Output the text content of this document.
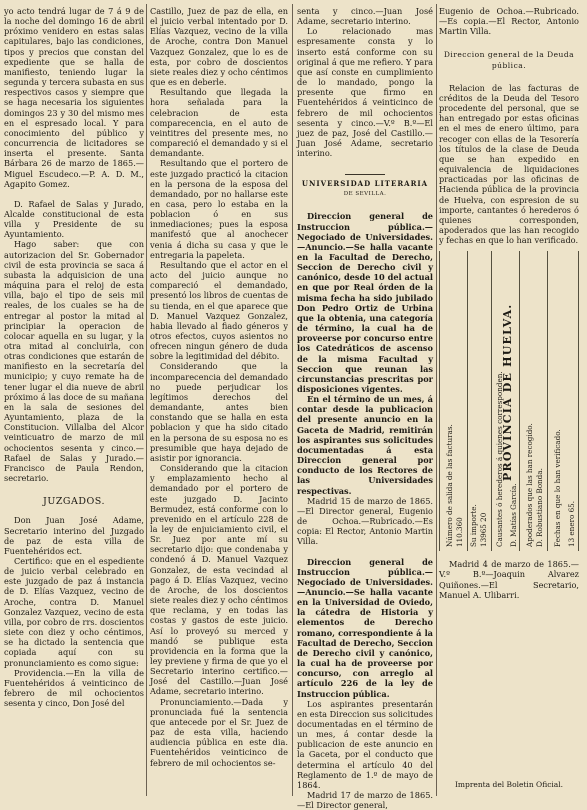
yo acto tendrá lugar de 7 á 9 de la noche del domingo 16 de abril próximo venidero en estas salas capitulares, bajo las condiciones, tipos y precios que constan del expediente que se halla de manifiesto, teniendo lugar la segunda y tercera subasta en sus respectivos casos y siempre que se haga necesaria los siguientes domingos 23 y 30 del mismo mes en el espresado local. Y para conocimiento del público y concurrencia de licitadores se inserta el presente. Santa Bárbara 26 de marzo de 1865.—Miguel Escudeco.—P. A. D. M., Agapito Gomez.

D. Rafael de Salas y Jurado, Alcalde constitucional de esta villa y Presidente de su Ayuntamiento.

Hago saber: que con autorizacion del Sr. Gobernador civil de esta provincia se saca á subasta la adquisicion de una máquina para el reloj de esta villa, bajo el tipo de seis mil reales, de los cuales se ha de entregar al postor la mitad al principiar la operacion de colocar aquella en su lugar, y la otra mitad al concluirla, con otras condiciones que estarán de manifiesto en la secretaría del municipio; y cuyo remate ha de tener lugar el dia nueve de abril próximo á las doce de su mañana en la sala de sesiones del Ayuntamiento, plaza de la Constitucion. Villalba del Alcor veinticuatro de marzo de mil ochocientos sesenta y cinco.—Rafael de Salas y Jurado.—Francisco de Paula Rendon, secretario.

JUZGADOS.

Don Juan José Adame, Secretario interino del Juzgado de paz de esta villa de Fuentehéridos ect.

Certifico: que en el espediente de juicio verbal celebrado en este juzgado de paz á instancia de D. Elías Vazquez, vecino de Aroche, contra D. Manuel Gonzalez Vazquez, vecino de esta villa, por cobro de rrs. doscientos siete con diez y ocho céntimos, se ha dictado la sentencia que copiada aquí con su pronunciamiento es como sigue:

Providencia.—En la villa de Fuentehéridos á veinticinco de febrero de mil ochocientos sesenta y cinco, Don José del

Castillo, Juez de paz de ella, en el juicio verbal intentado por D. Elías Vazquez, vecino de la villa de Aroche, contra Don Manuel Vazquez Gonzalez, que lo es de esta, por cobro de doscientos siete reales diez y ocho céntimos que es en deberle.

Resultando que llegada la hora señalada para la celebracion de esta comparecencia, en el auto de veintitres del presente mes, no compareció el demandado y si el demandante.

Resultando que el portero de este juzgado practicó la citacion en la persona de la esposa del demandado, por no hallarse este en casa, pero lo estaba en la poblacion ó en sus inmediaciones; pues la esposa manifestó que al anochecer venia á dicha su casa y que le entregaria la papeleta.

Resultando que el actor en el acto del juicio aunque no compareció el demandado, presentó los libros de cuentas de su tienda, en el que aparece que D. Manuel Vazquez Gonzalez, habia llevado al fiado géneros y otros efectos, cuyos asientos no ofrecen ningun género de duda sobre la legitimidad del débito.

Considerando que la incomparecencia del demandado no puede perjudicar los legítimos derechos del demandante, antes bien constando que se halla en esta poblacion y que ha sido citado en la persona de su esposa no es presumible que haya dejado de asistir por ignorancia.

Considerando que la citacion y emplazamiento hecho al demandado por el portero de este juzgado D. Jacinto Bermudez, está conforme con lo prevenido en el artículo 228 de la ley de enjuiciamiento civil, el Sr. Juez por ante mí su secretario dijo: que condenaba y condenó á D. Manuel Vazquez Gonzalez, de esta vecindad al pago á D. Elías Vazquez, vecino de Aroche, de los doscientos siete reales diez y ocho céntimos que reclama, y en todas las costas y gastos de este juicio. Así lo proveyó su merced y mandó se publique esta providencia en la forma que la ley previene y firma de que yo el Secretario interino certifico.—José del Castillo.—Juan José Adame, secretario interino.

Pronunciamiento.—Dada y pronunciada fué la sentencia que antecede por el Sr. Juez de paz de esta villa, haciendo audiencia pública en este dia. Fuentehéridos veinticinco de febrero de mil ochocientos se-

senta y cinco.—Juan José Adame, secretario interino.

Lo relacionado mas espresamente consta y lo inserto está conforme con su original á que me refiero. Y para que así conste en cumplimiento de lo mandado, pongo la presente que firmo en Fuentehéridos á veinticinco de febrero de mil ochocientos sesenta y cinco.—V.º B.º—El juez de paz, José del Castillo.—Juan José Adame, secretario interino.

UNIVERSIDAD LITERARIA
DE SEVILLA.

Direccion general de Instruccion pública.—Negociado de Universidades.—Anuncio.—Se halla vacante en la Facultad de Derecho, Seccion de Derecho civil y canónico, desde 10 del actual en que por Real órden de la misma fecha ha sido jubilado Don Pedro Ortiz de Urbina que la obtenia, una categoría de término, la cual ha de proveerse por concurso entre los Catedráticos de ascenso de la misma Facultad y Seccion que reunan las circunstancias prescritas por disposiciones vigentes.

En el término de un mes, á contar desde la publicacion del presente anuncio en la Gaceta de Madrid, remitirán los aspirantes sus solicitudes documentadas á esta Direccion general por conducto de los Rectores de las Universidades respectivas.

Madrid 15 de marzo de 1865.—El Director general, Eugenio de Ochoa.—Rubricado.—Es copia: El Rector, Antonio Martin Villa.

Direccion general de Instruccion pública.—Negociado de Universidades.—Anuncio.—Se halla vacante en la Universidad de Oviedo, la cátedra de Historia y elementos de Derecho romano, correspondiente á la Facultad de Derecho, Seccion de Derecho civil y canónico, la cual ha de proveerse por concurso, con arreglo al artículo 226 de la ley de Instruccion pública.

Los aspirantes presentarán en esta Direccion sus solicitudes documentadas en el término de un mes, á contar desde la publicacion de este anuncio en la Gaceta, por el conducto que determina el artículo 40 del Reglamento de 1.º de mayo de 1864.

Madrid 17 de marzo de 1865.—El Director general,

Eugenio de Ochoa.—Rubricado.—Es copia.—El Rector, Antonio Martin Villa.

Direccion general de la Deuda pública.

Relacion de las facturas de créditos de la Deuda del Tesoro procedente del personal, que se han entregado por estas oficinas en el mes de enero último, para recoger con ellas de la Tesorería los títulos de la clase de Deuda que se han expedido en equivalencia de liquidaciones practicadas por las oficinas de Hacienda pública de la provincia de Huelva, con espresion de su importe, cantantes ó herederos ó quienes corresponden, apoderados que las han recogido y fechas en que lo han verificado.

Número de salida de las facturas. 110.360 Su importe. 13965 20 Causantes ó herederos á quienes corresponden.
PROVINCIA DE HUELVA.
D. Matías García. Apoderados que las han recogido. D. Robustiano Bonda. Fechas en que lo han verificado. 13 enero 65.

Madrid 4 de marzo de 1865.—V.º B.º—Joaquin Alvarez Quiñones.—El Secretario, Manuel A. Ulibarri.

Imprenta del Boletin Oficial.
